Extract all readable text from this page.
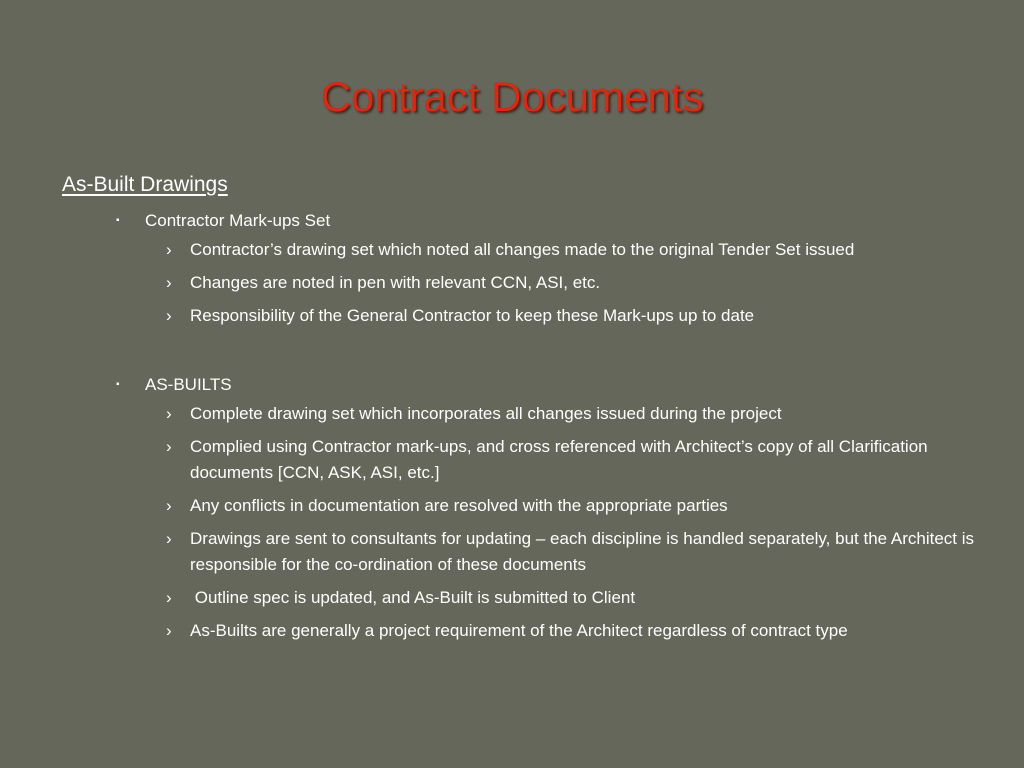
Contract Documents
As-Built Drawings
▪ Contractor Mark-ups Set
› Contractor’s drawing set which noted all changes made to the original Tender Set issued
› Changes are noted in pen with relevant CCN, ASI, etc.
› Responsibility of the General Contractor to keep these Mark-ups up to date
▪ AS-BUILTS
› Complete drawing set which incorporates all changes issued during the project
› Complied using Contractor mark-ups, and cross referenced with Architect’s copy of all Clarification documents [CCN, ASK, ASI, etc.]
› Any conflicts in documentation are resolved with the appropriate parties
› Drawings are sent to consultants for updating – each discipline is handled separately, but the Architect is responsible for the co-ordination of these documents
› Outline spec is updated, and As-Built is submitted to Client
› As-Builts are generally a project requirement of the Architect regardless of contract type
